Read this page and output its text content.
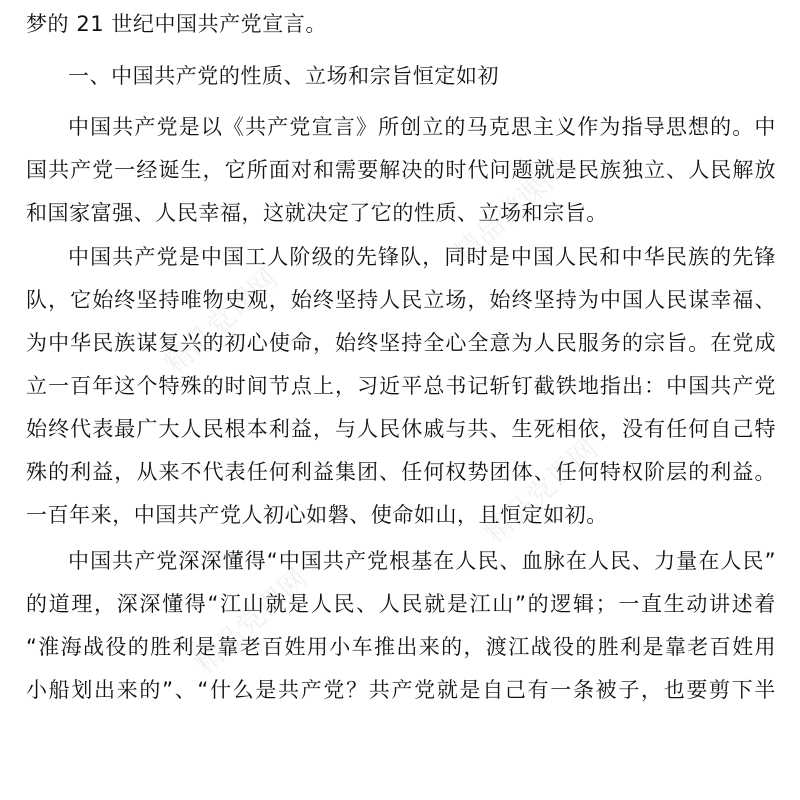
精品党课网
精品党课网
精品党课网
精品党课网
梦的 21 世纪中国共产党宣言。
一、中国共产党的性质、立场和宗旨恒定如初
中国共产党是以《共产党宣言》所创立的马克思主义作为指导思想的。中
国共产党一经诞生，它所面对和需要解决的时代问题就是民族独立、人民解放
和国家富强、人民幸福，这就决定了它的性质、立场和宗旨。
中国共产党是中国工人阶级的先锋队，同时是中国人民和中华民族的先锋
队，它始终坚持唯物史观，始终坚持人民立场，始终坚持为中国人民谋幸福、
为中华民族谋复兴的初心使命，始终坚持全心全意为人民服务的宗旨。在党成
立一百年这个特殊的时间节点上，习近平总书记斩钉截铁地指出：中国共产党
始终代表最广大人民根本利益，与人民休戚与共、生死相依，没有任何自己特
殊的利益，从来不代表任何利益集团、任何权势团体、任何特权阶层的利益。
一百年来，中国共产党人初心如磐、使命如山，且恒定如初。
中国共产党深深懂得“中国共产党根基在人民、血脉在人民、力量在人民”
的道理，深深懂得“江山就是人民、人民就是江山”的逻辑；一直生动讲述着
“淮海战役的胜利是靠老百姓用小车推出来的，渡江战役的胜利是靠老百姓用
小船划出来的”、“什么是共产党？共产党就是自己有一条被子，也要剪下半
